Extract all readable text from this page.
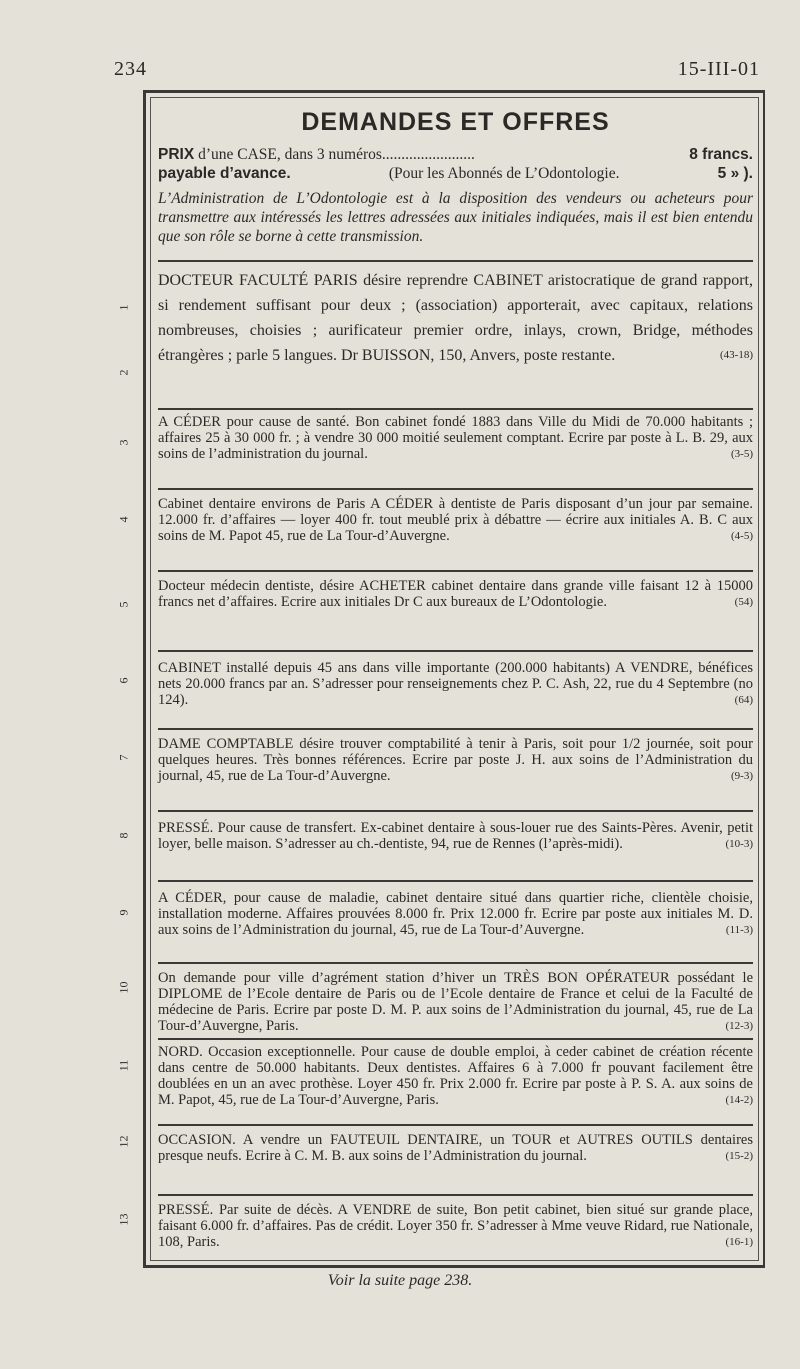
234	15-III-01
1
2
3
4
5
6
7
8
9
10
11
12
13
DEMANDES ET OFFRES
PRIX d’une CASE, dans 3 numéros........................	8 francs.
payable d’avance.	(Pour les Abonnés de L’Odontologie.	5 » ).
L’Administration de L’Odontologie est à la disposition des vendeurs ou acheteurs pour transmettre aux intéressés les lettres adressées aux initiales indiquées, mais il est bien entendu que son rôle se borne à cette transmission.
DOCTEUR FACULTÉ PARIS désire reprendre CABINET aristocratique de grand rapport, si rendement suffisant pour deux ; (association) apporterait, avec capitaux, relations nombreuses, choisies ; aurificateur premier ordre, inlays, crown, Bridge, méthodes étrangères ; parle 5 langues. Dr BUISSON, 150, Anvers, poste restante.	(43-18)
A CÉDER pour cause de santé. Bon cabinet fondé 1883 dans Ville du Midi de 70.000 habitants ; affaires 25 à 30 000 fr. ; à vendre 30 000 moitié seulement comptant. Ecrire par poste à L. B. 29, aux soins de l’administration du journal.	(3-5)
Cabinet dentaire environs de Paris A CÉDER à dentiste de Paris disposant d’un jour par semaine. 12.000 fr. d’affaires — loyer 400 fr. tout meublé prix à débattre — écrire aux initiales A. B. C aux soins de M. Papot 45, rue de La Tour-d’Auvergne.	(4-5)
Docteur médecin dentiste, désire ACHETER cabinet dentaire dans grande ville faisant 12 à 15000 francs net d’affaires. Ecrire aux initiales Dr C aux bureaux de L’Odontologie.	(54)
CABINET installé depuis 45 ans dans ville importante (200.000 habitants) A VENDRE, bénéfices nets 20.000 francs par an. S’adresser pour renseignements chez P. C. Ash, 22, rue du 4 Septembre (no 124).	(64)
DAME COMPTABLE désire trouver comptabilité à tenir à Paris, soit pour 1/2 journée, soit pour quelques heures. Très bonnes références. Ecrire par poste J. H. aux soins de l’Administration du journal, 45, rue de La Tour-d’Auvergne.	(9-3)
PRESSÉ. Pour cause de transfert. Ex-cabinet dentaire à sous-louer rue des Saints-Pères. Avenir, petit loyer, belle maison. S’adresser au ch.-dentiste, 94, rue de Rennes (l’après-midi).	(10-3)
A CÉDER, pour cause de maladie, cabinet dentaire situé dans quartier riche, clientèle choisie, installation moderne. Affaires prouvées 8.000 fr. Prix 12.000 fr. Ecrire par poste aux initiales M. D. aux soins de l’Administration du journal, 45, rue de La Tour-d’Auvergne.	(11-3)
On demande pour ville d’agrément station d’hiver un TRÈS BON OPÉRATEUR possédant le DIPLOME de l’Ecole dentaire de Paris ou de l’Ecole dentaire de France et celui de la Faculté de médecine de Paris. Ecrire par poste D. M. P. aux soins de l’Administration du journal, 45, rue de La Tour-d’Auvergne, Paris.	(12-3)
NORD. Occasion exceptionnelle. Pour cause de double emploi, à ceder cabinet de création récente dans centre de 50.000 habitants. Deux dentistes. Affaires 6 à 7.000 fr pouvant facilement être doublées en un an avec prothèse. Loyer 450 fr. Prix 2.000 fr. Ecrire par poste à P. S. A. aux soins de M. Papot, 45, rue de La Tour-d’Auvergne, Paris.	(14-2)
OCCASION. A vendre un FAUTEUIL DENTAIRE, un TOUR et AUTRES OUTILS dentaires presque neufs. Ecrire à C. M. B. aux soins de l’Administration du journal.	(15-2)
PRESSÉ. Par suite de décès. A VENDRE de suite, Bon petit cabinet, bien situé sur grande place, faisant 6.000 fr. d’affaires. Pas de crédit. Loyer 350 fr. S’adresser à Mme veuve Ridard, rue Nationale, 108, Paris.	(16-1)
Voir la suite page 238.
